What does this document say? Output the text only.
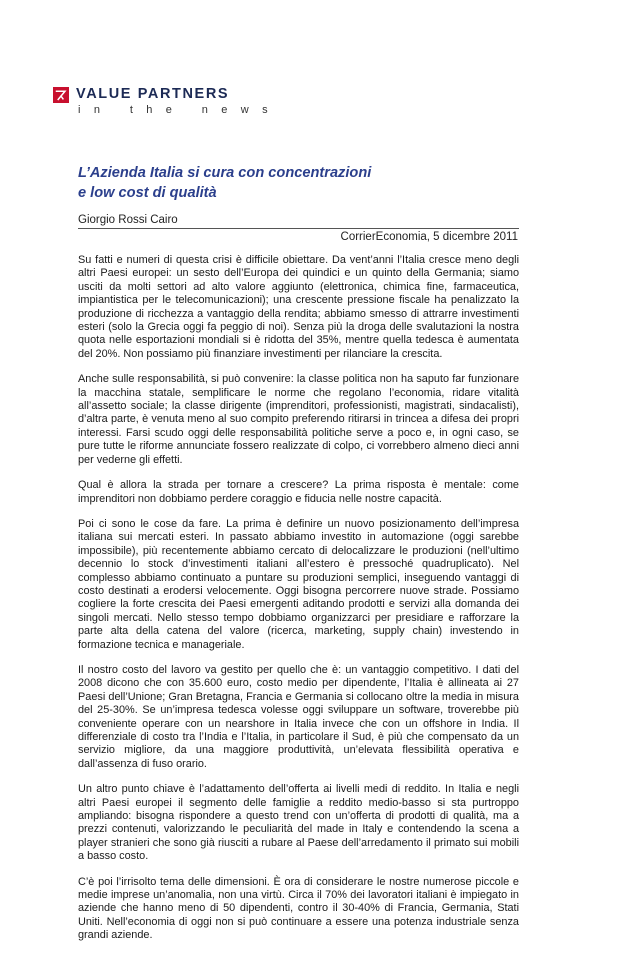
VALUE PARTNERS
in the news
L’Azienda Italia si cura con concentrazioni
e low cost di qualità
Giorgio Rossi Cairo
CorrierEconomia, 5 dicembre 2011

Su fatti e numeri di questa crisi è difficile obiettare. Da vent’anni l’Italia cresce meno degli altri Paesi europei: un sesto dell’Europa dei quindici e un quinto della Germania; siamo usciti da molti settori ad alto valore aggiunto (elettronica, chimica fine, farmaceutica, impiantistica per le telecomunicazioni); una crescente pressione fiscale ha penalizzato la produzione di ricchezza a vantaggio della rendita; abbiamo smesso di attrarre investimenti esteri (solo la Grecia oggi fa peggio di noi). Senza più la droga delle svalutazioni la nostra quota nelle esportazioni mondiali si è ridotta del 35%, mentre quella tedesca è aumentata del 20%. Non possiamo più finanziare investimenti per rilanciare la crescita.

Anche sulle responsabilità, si può convenire: la classe politica non ha saputo far funzionare la macchina statale, semplificare le norme che regolano l’economia, ridare vitalità all’assetto sociale; la classe dirigente (imprenditori, professionisti, magistrati, sindacalisti), d’altra parte, è venuta meno al suo compito preferendo ritirarsi in trincea a difesa dei propri interessi. Farsi scudo oggi delle responsabilità politiche serve a poco e, in ogni caso, se pure tutte le riforme annunciate fossero realizzate di colpo, ci vorrebbero almeno dieci anni per vederne gli effetti.

Qual è allora la strada per tornare a crescere? La prima risposta è mentale: come imprenditori non dobbiamo perdere coraggio e fiducia nelle nostre capacità.

Poi ci sono le cose da fare. La prima è definire un nuovo posizionamento dell’impresa italiana sui mercati esteri. In passato abbiamo investito in automazione (oggi sarebbe impossibile), più recentemente abbiamo cercato di delocalizzare le produzioni (nell’ultimo decennio lo stock d’investimenti italiani all’estero è pressoché quadruplicato). Nel complesso abbiamo continuato a puntare su produzioni semplici, inseguendo vantaggi di costo destinati a erodersi velocemente. Oggi bisogna percorrere nuove strade. Possiamo cogliere la forte crescita dei Paesi emergenti aditando prodotti e servizi alla domanda dei singoli mercati. Nello stesso tempo dobbiamo organizzarci per presidiare e rafforzare la parte alta della catena del valore (ricerca, marketing, supply chain) investendo in formazione tecnica e manageriale.

Il nostro costo del lavoro va gestito per quello che è: un vantaggio competitivo. I dati del 2008 dicono che con 35.600 euro, costo medio per dipendente, l’Italia è allineata ai 27 Paesi dell’Unione; Gran Bretagna, Francia e Germania si collocano oltre la media in misura del 25-30%. Se un’impresa tedesca volesse oggi sviluppare un software, troverebbe più conveniente operare con un nearshore in Italia invece che con un offshore in India. Il differenziale di costo tra l’India e l’Italia, in particolare il Sud, è più che compensato da un servizio migliore, da una maggiore produttività, un’elevata flessibilità operativa e dall’assenza di fuso orario.

Un altro punto chiave è l’adattamento dell’offerta ai livelli medi di reddito. In Italia e negli altri Paesi europei il segmento delle famiglie a reddito medio-basso si sta purtroppo ampliando: bisogna rispondere a questo trend con un’offerta di prodotti di qualità, ma a prezzi contenuti, valorizzando le peculiarità del made in Italy e contendendo la scena a player stranieri che sono già riusciti a rubare al Paese dell’arredamento il primato sui mobili a basso costo.

C’è poi l’irrisolto tema delle dimensioni. È ora di considerare le nostre numerose piccole e medie imprese un’anomalia, non una virtù. Circa il 70% dei lavoratori italiani è impiegato in aziende che hanno meno di 50 dipendenti, contro il 30-40% di Francia, Germania, Stati Uniti. Nell’economia di oggi non si può continuare a essere una potenza industriale senza grandi aziende.
